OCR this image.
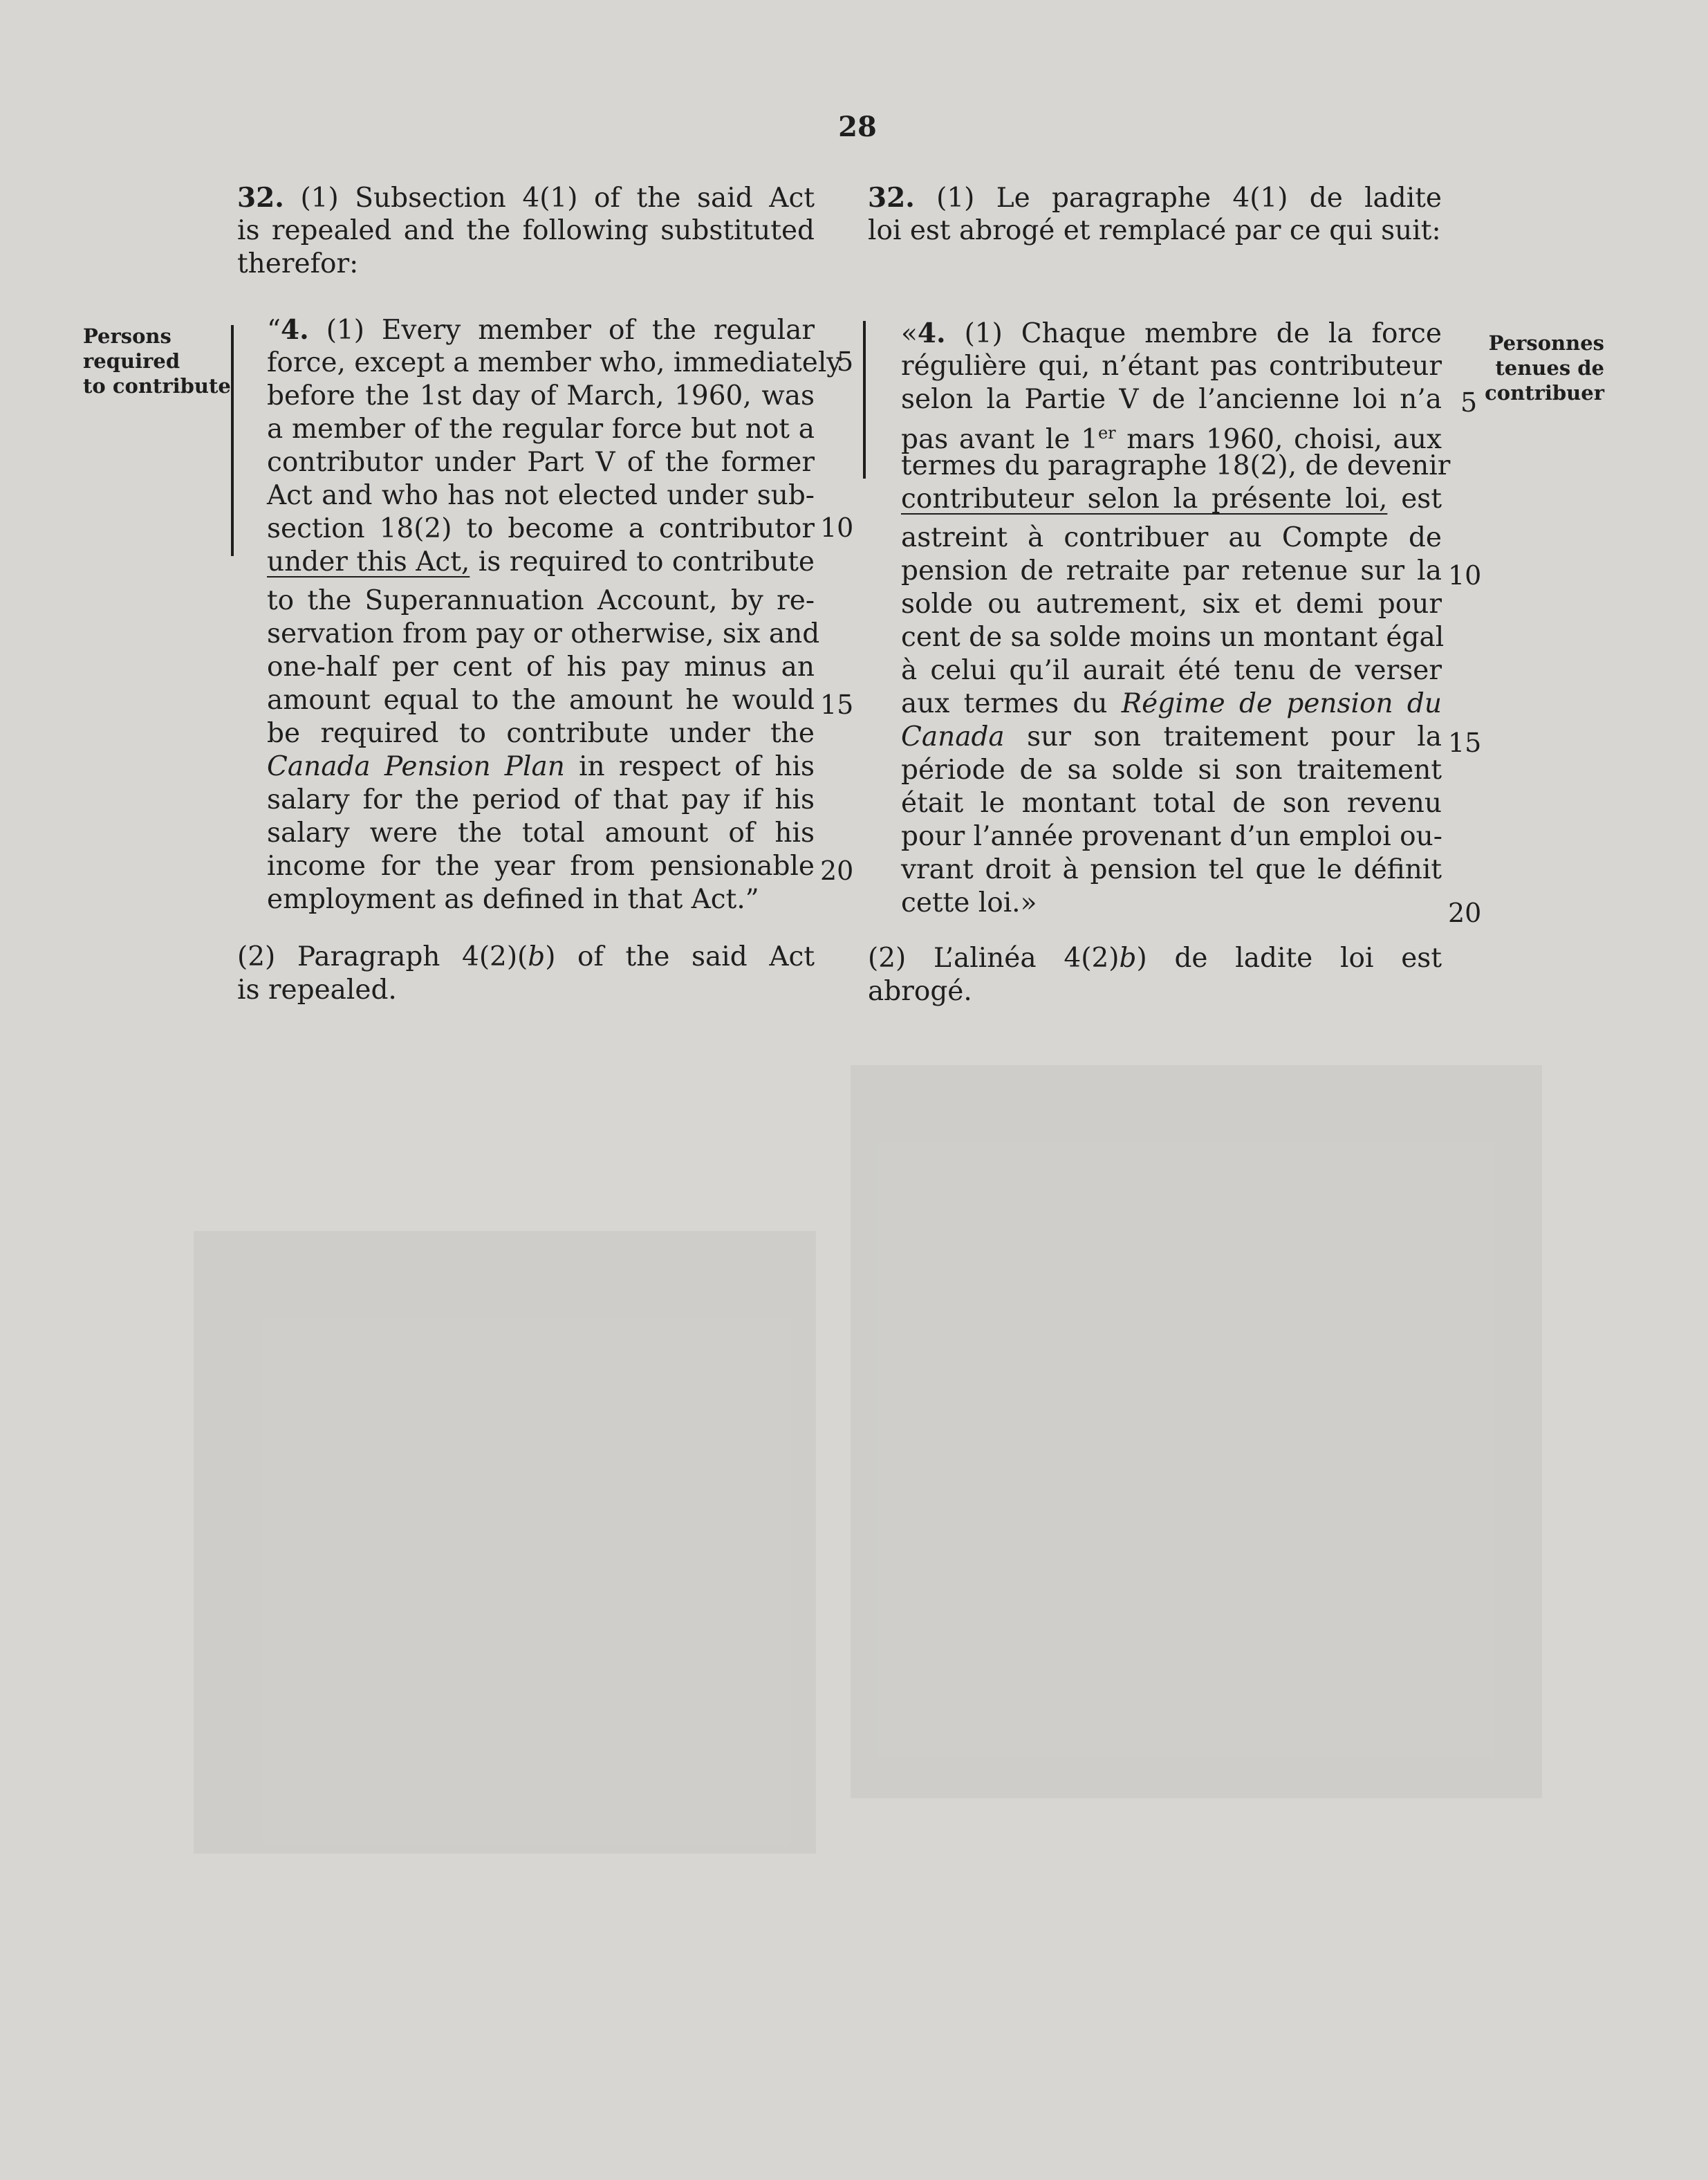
28
32. (1) Subsection 4(1) of the said Act
is repealed and the following substituted
therefor:
Persons
required
to contribute
“4. (1) Every member of the regular
force, except a member who, immediately
before the 1st day of March, 1960, was
a member of the regular force but not a
contributor under Part V of the former
Act and who has not elected under sub-
section 18(2) to become a contributor
under this Act, is required to contribute
to the Superannuation Account, by re-
servation from pay or otherwise, six and
one-half per cent of his pay minus an
amount equal to the amount he would
be required to contribute under the
Canada Pension Plan in respect of his
salary for the period of that pay if his
salary were the total amount of his
income for the year from pensionable
employment as defined in that Act.”
5
10
15
20
(2) Paragraph 4(2)(b) of the said Act
is repealed.
32. (1) Le paragraphe 4(1) de ladite
loi est abrogé et remplacé par ce qui suit:
«4. (1) Chaque membre de la force
régulière qui, n’étant pas contributeur
selon la Partie V de l’ancienne loi n’a
pas avant le 1er mars 1960, choisi, aux
termes du paragraphe 18(2), de devenir
contributeur selon la présente loi, est
astreint à contribuer au Compte de
pension de retraite par retenue sur la
solde ou autrement, six et demi pour
cent de sa solde moins un montant égal
à celui qu’il aurait été tenu de verser
aux termes du Régime de pension du
Canada sur son traitement pour la
période de sa solde si son traitement
était le montant total de son revenu
pour l’année provenant d’un emploi ou-
vrant droit à pension tel que le définit
cette loi.»
5
10
15
20
Personnes
tenues de
contribuer
(2) L’alinéa 4(2)b) de ladite loi est
abrogé.
